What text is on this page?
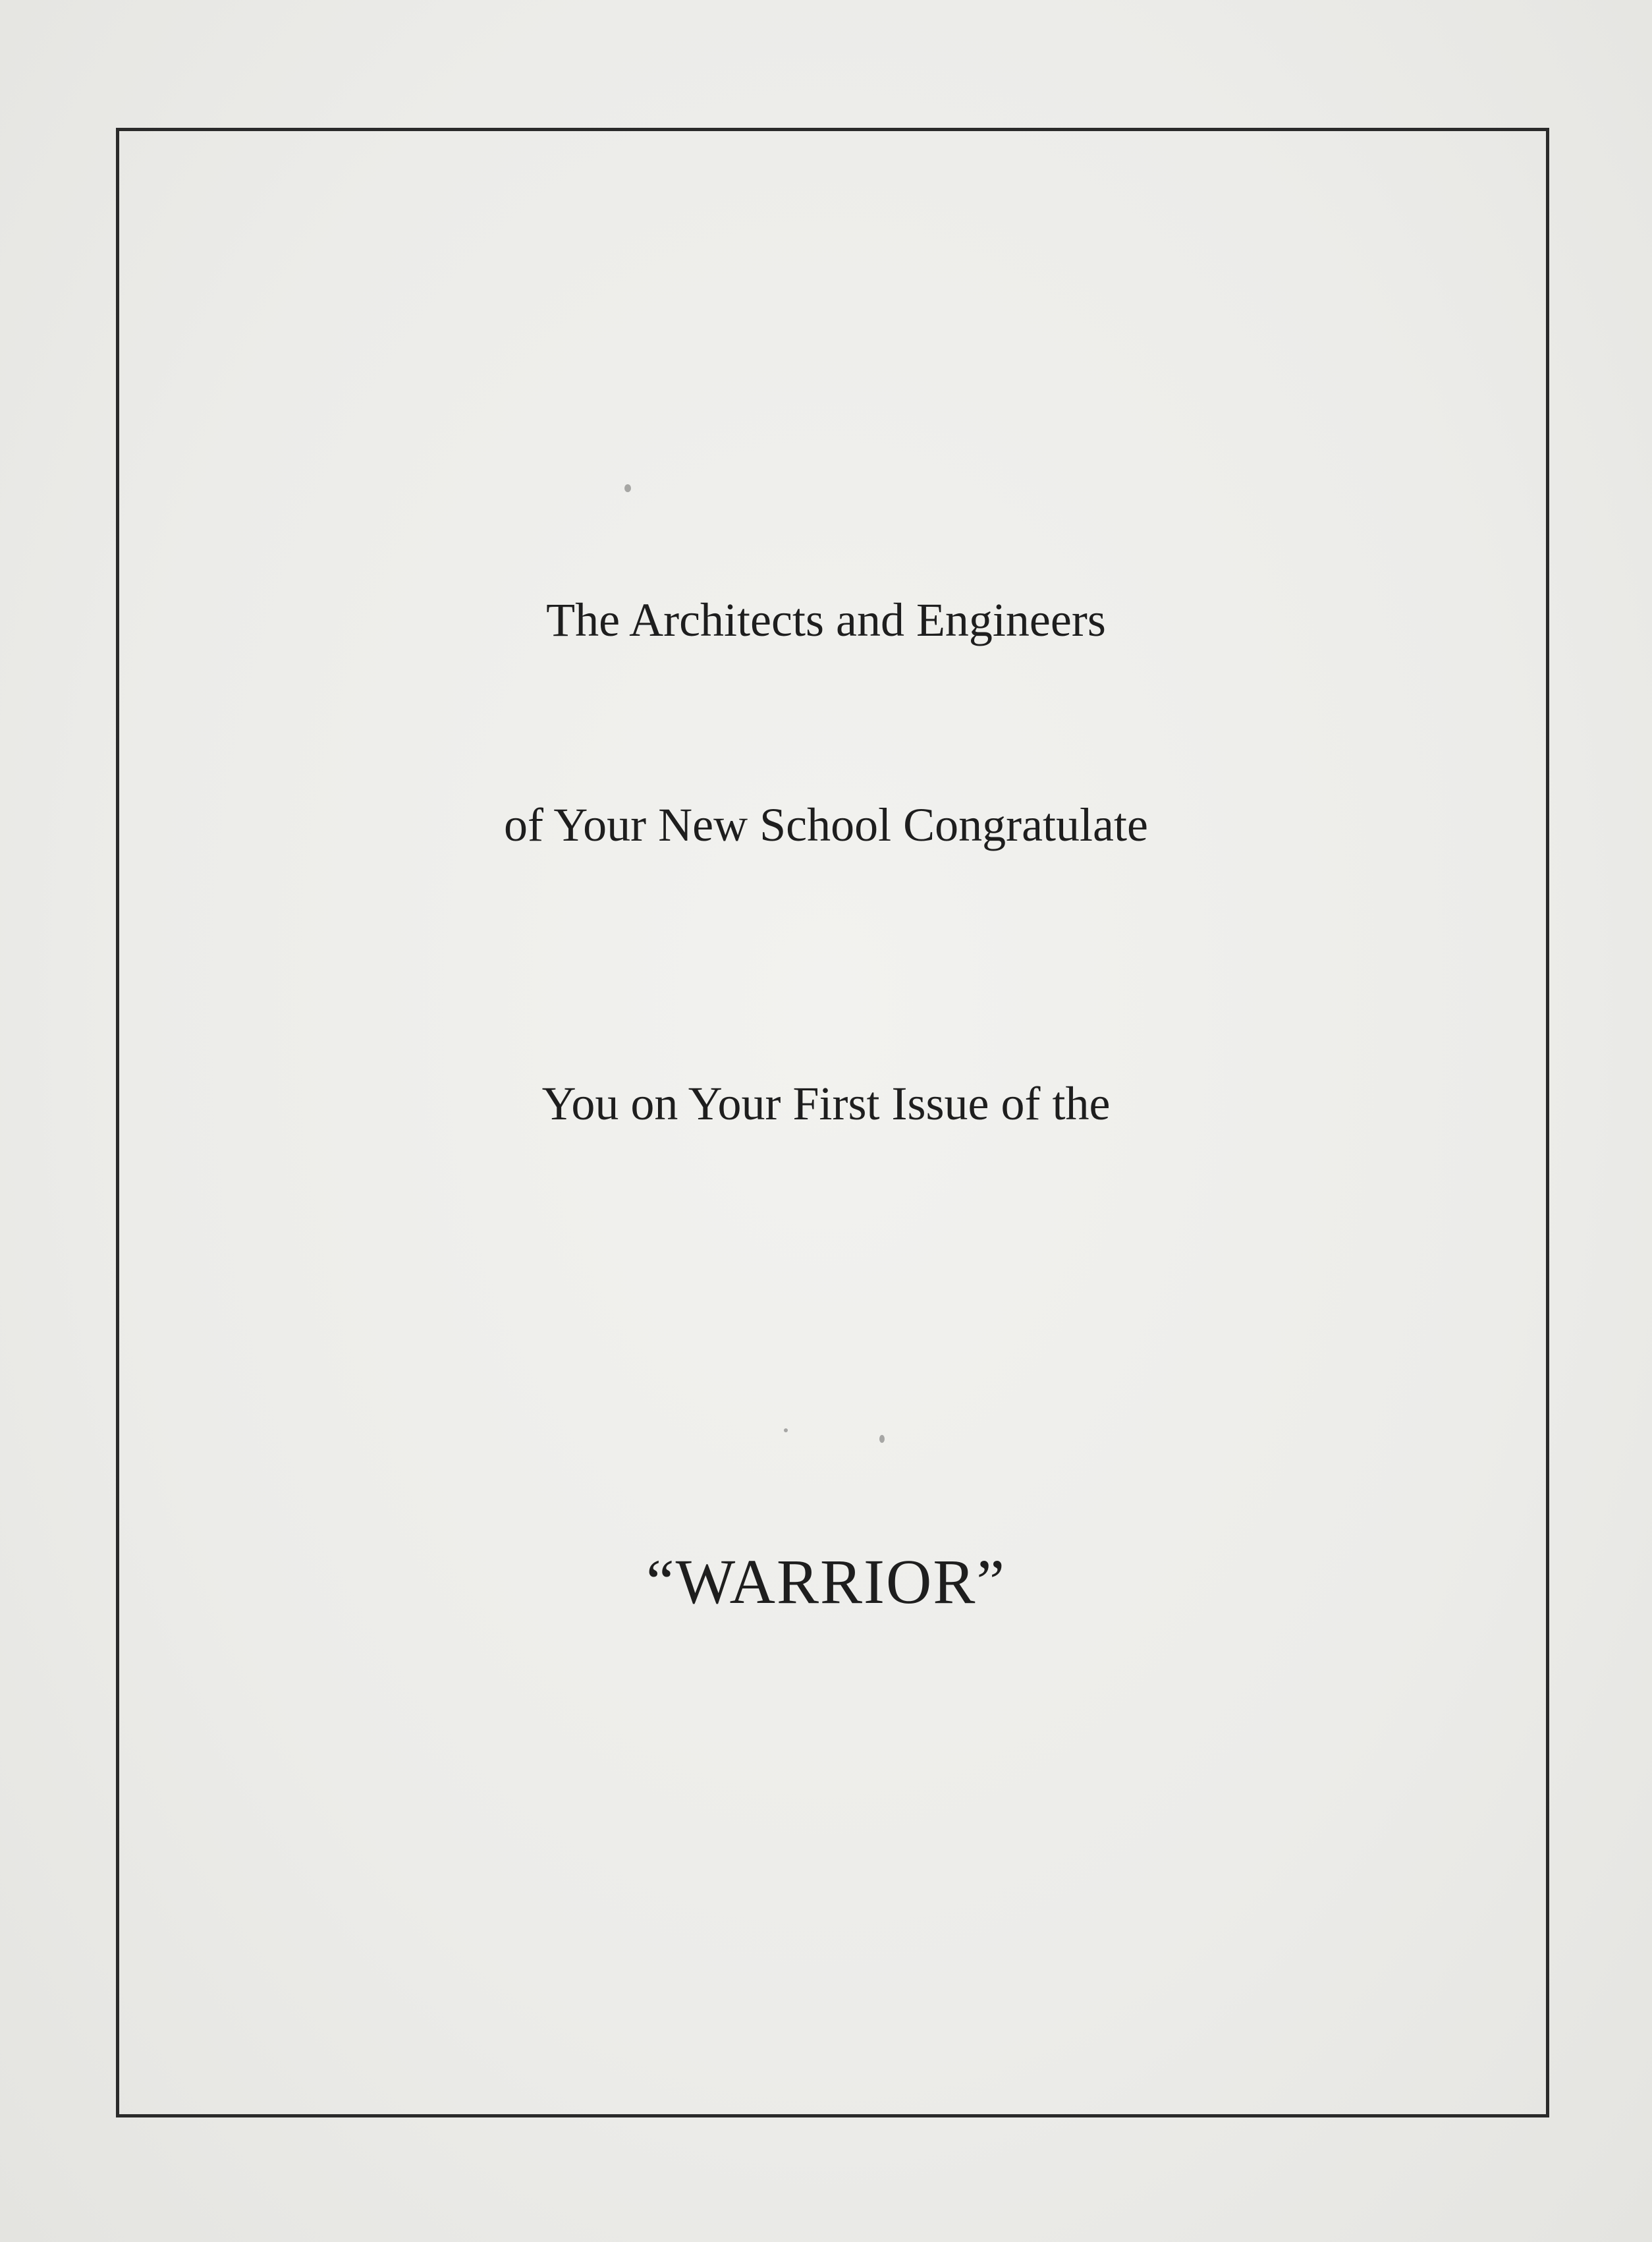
The Architects and Engineers

of Your New School Congratulate

You on Your First Issue of the

“WARRIOR”
